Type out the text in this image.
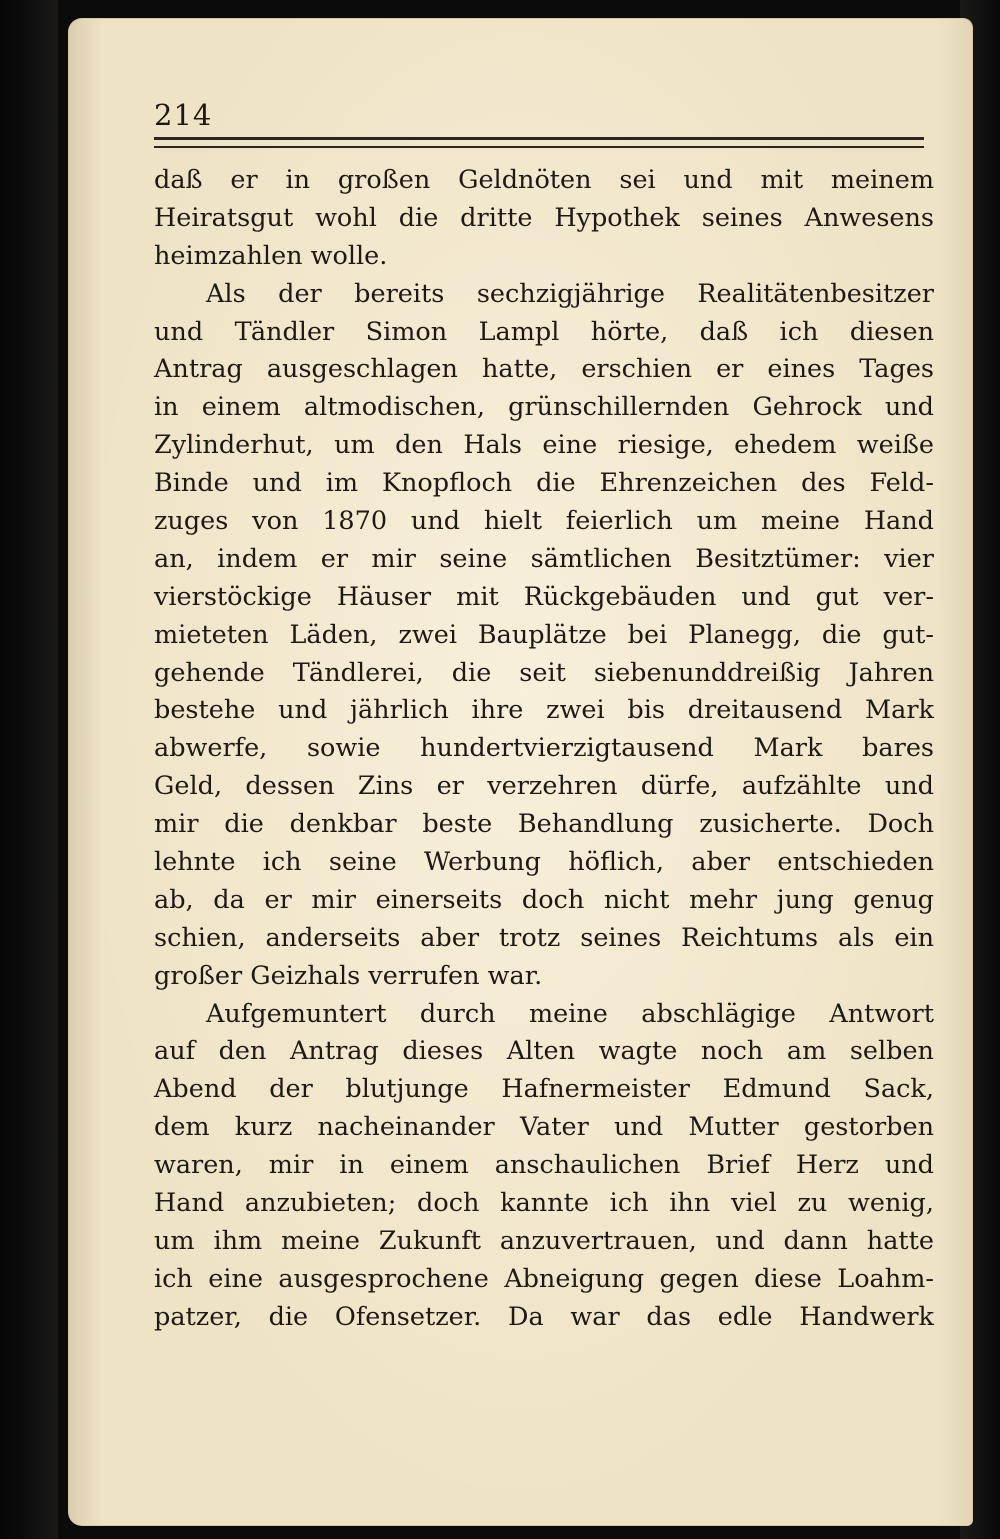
214

daß er in großen Geldnöten sei und mit meinem

Heiratsgut wohl die dritte Hypothek seines Anwesens

heimzahlen wolle.

Als der bereits sechzigjährige Realitätenbesitzer

und Tändler Simon Lampl hörte, daß ich diesen

Antrag ausgeschlagen hatte, erschien er eines Tages

in einem altmodischen, grünschillernden Gehrock und

Zylinderhut, um den Hals eine riesige, ehedem weiße

Binde und im Knopfloch die Ehrenzeichen des Feld-

zuges von 1870 und hielt feierlich um meine Hand

an, indem er mir seine sämtlichen Besitztümer: vier

vierstöckige Häuser mit Rückgebäuden und gut ver-

mieteten Läden, zwei Bauplätze bei Planegg, die gut-

gehende Tändlerei, die seit siebenunddreißig Jahren

bestehe und jährlich ihre zwei bis dreitausend Mark

abwerfe, sowie hundertvierzigtausend Mark bares

Geld, dessen Zins er verzehren dürfe, aufzählte und

mir die denkbar beste Behandlung zusicherte. Doch

lehnte ich seine Werbung höflich, aber entschieden

ab, da er mir einerseits doch nicht mehr jung genug

schien, anderseits aber trotz seines Reichtums als ein

großer Geizhals verrufen war.

Aufgemuntert durch meine abschlägige Antwort

auf den Antrag dieses Alten wagte noch am selben

Abend der blutjunge Hafnermeister Edmund Sack,

dem kurz nacheinander Vater und Mutter gestorben

waren, mir in einem anschaulichen Brief Herz und

Hand anzubieten; doch kannte ich ihn viel zu wenig,

um ihm meine Zukunft anzuvertrauen, und dann hatte

ich eine ausgesprochene Abneigung gegen diese Loahm-

patzer, die Ofensetzer. Da war das edle Handwerk
